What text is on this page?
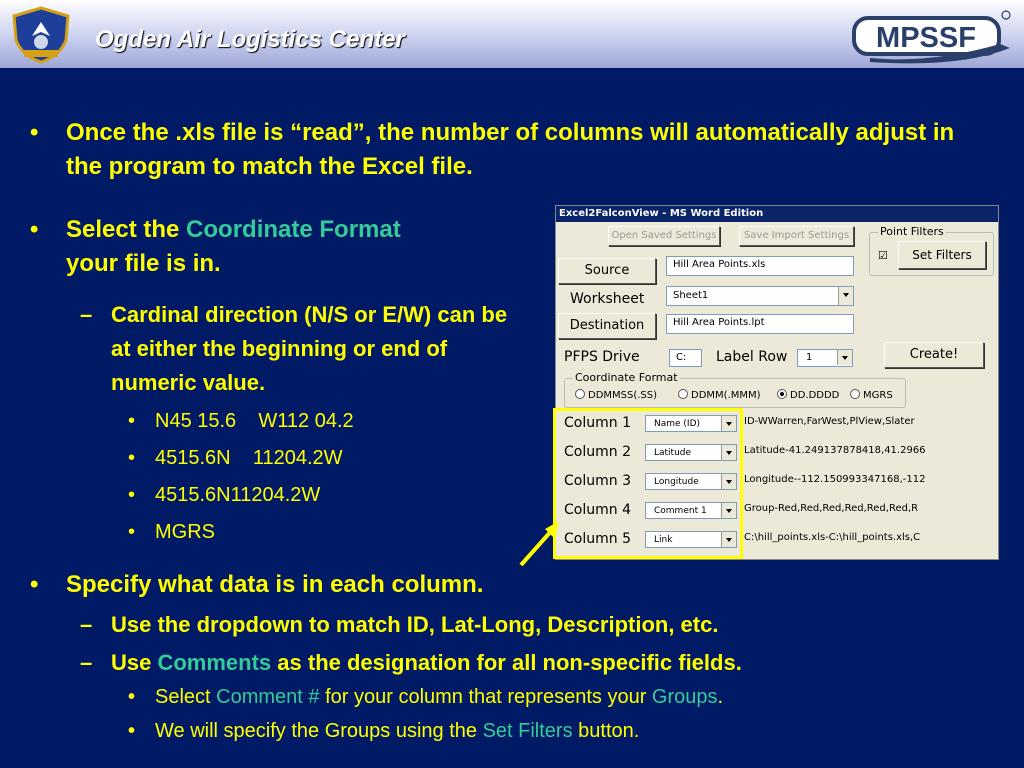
Ogden Air Logistics Center	MPSSF
• Once the .xls file is “read”, the number of columns will automatically adjust in the program to match the Excel file.
• Select the Coordinate Format
your file is in.
– Cardinal direction (N/S or E/W) can be at either the beginning or end of numeric value.
• N45 15.6    W112 04.2
• 4515.6N    11204.2W
• 4515.6N11204.2W
• MGRS
• Specify what data is in each column.
– Use the dropdown to match ID, Lat-Long, Description, etc.
– Use Comments as the designation for all non-specific fields.
• Select Comment # for your column that represents your Groups.
• We will specify the Groups using the Set Filters button.
Excel2FalconView - MS Word Edition
Open Saved Settings	Save Import Settings	Point Filters
☑	Set Filters
Source	Hill Area Points.xls
Worksheet	Sheet1
Destination	Hill Area Points.lpt
PFPS Drive	C:	Label Row	1	Create!
Coordinate Format
DDMMSS(.SS)	DDMM(.MMM)	DD.DDDD	MGRS
Column 1	Name (ID)	ID-WWarren,FarWest,PlView,Slater
Column 2	Latitude	Latitude-41.249137878418,41.2966
Column 3	Longitude	Longitude--112.150993347168,-112
Column 4	Comment 1	Group-Red,Red,Red,Red,Red,Red,R
Column 5	Link	C:\hill_points.xls-C:\hill_points.xls,C
